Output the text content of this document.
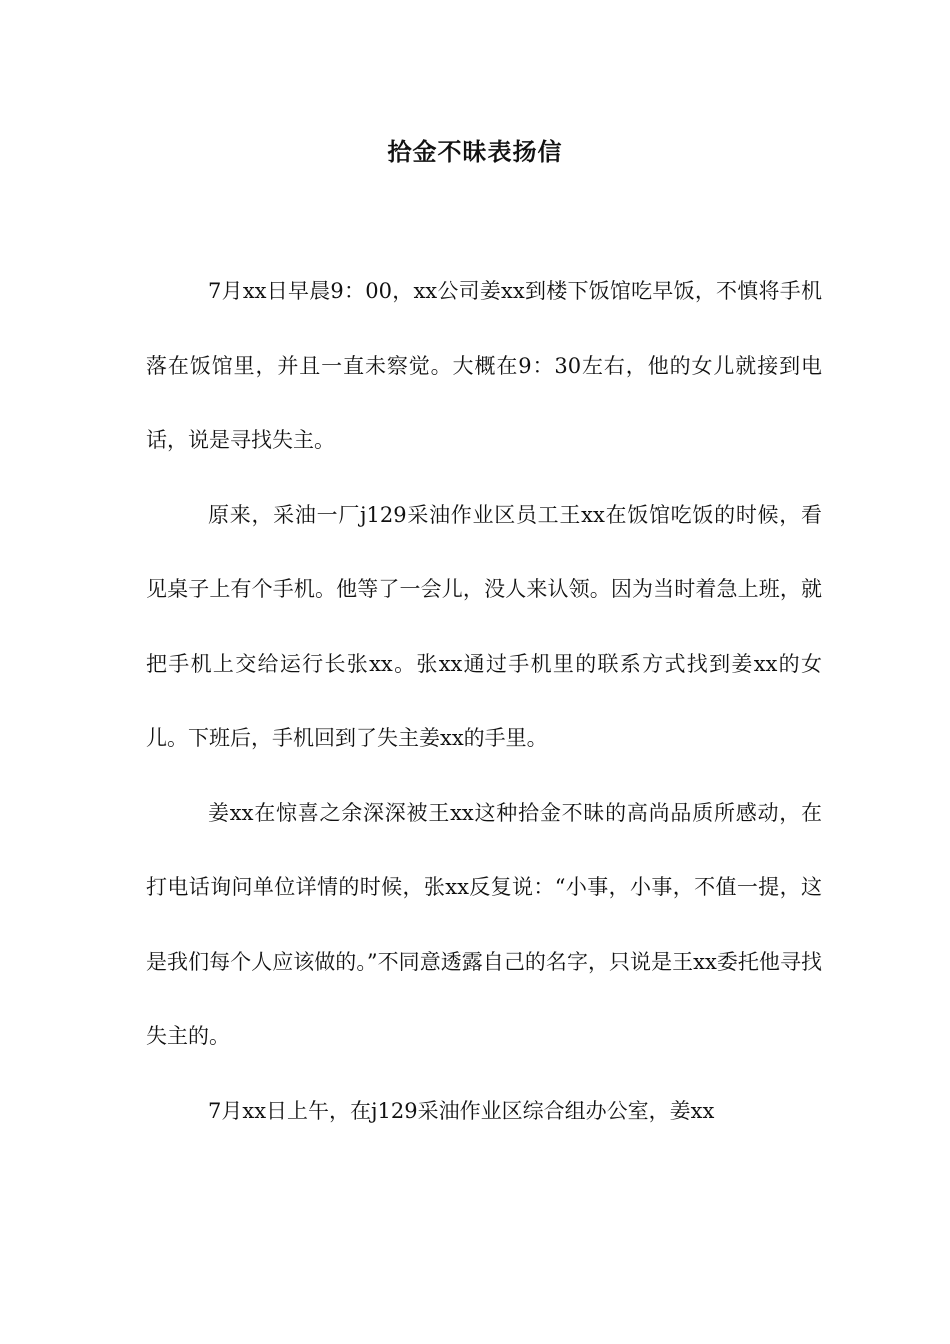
拾金不昧表扬信

7月xx日早晨9：00，xx公司姜xx到楼下饭馆吃早饭，不慎将手机落在饭馆里，并且一直未察觉。大概在9：30左右，他的女儿就接到电话，说是寻找失主。

原来，采油一厂j129采油作业区员工王xx在饭馆吃饭的时候，看见桌子上有个手机。他等了一会儿，没人来认领。因为当时着急上班，就把手机上交给运行长张xx。张xx通过手机里的联系方式找到姜xx的女儿。下班后，手机回到了失主姜xx的手里。

姜xx在惊喜之余深深被王xx这种拾金不昧的高尚品质所感动，在打电话询问单位详情的时候，张xx反复说：“小事，小事，不值一提，这是我们每个人应该做的。”不同意透露自己的名字，只说是王xx委托他寻找失主的。

7月xx日上午，在j129采油作业区综合组办公室，姜xx
